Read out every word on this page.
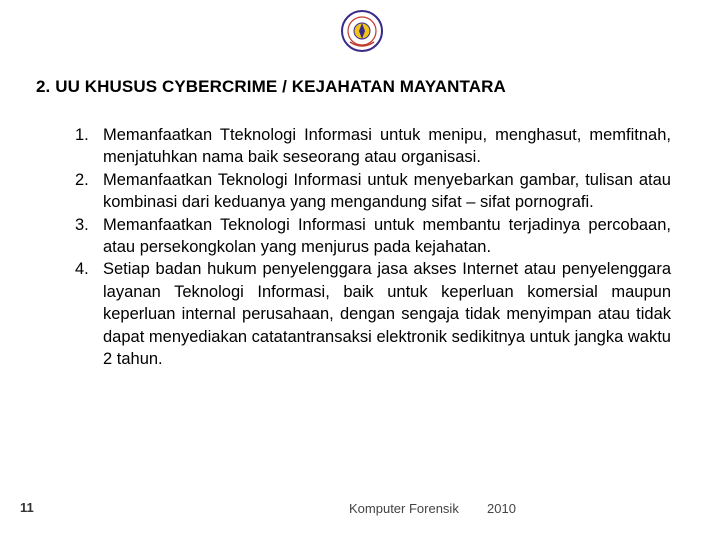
2. UU KHUSUS CYBERCRIME / KEJAHATAN MAYANTARA
1. Memanfaatkan Tteknologi Informasi untuk menipu, menghasut, memfitnah, menjatuhkan nama baik seseorang atau organisasi.
2. Memanfaatkan Teknologi Informasi untuk menyebarkan gambar, tulisan atau kombinasi dari keduanya yang mengandung sifat – sifat pornografi.
3. Memanfaatkan Teknologi Informasi untuk membantu terjadinya percobaan, atau persekongkolan yang menjurus pada kejahatan.
4. Setiap badan hukum penyelenggara jasa akses Internet atau penyelenggara layanan Teknologi Informasi, baik untuk keperluan komersial maupun keperluan internal perusahaan, dengan sengaja tidak menyimpan atau tidak dapat menyediakan catatantransaksi elektronik sedikitnya untuk jangka waktu 2 tahun.
11	Komputer Forensik 2010
